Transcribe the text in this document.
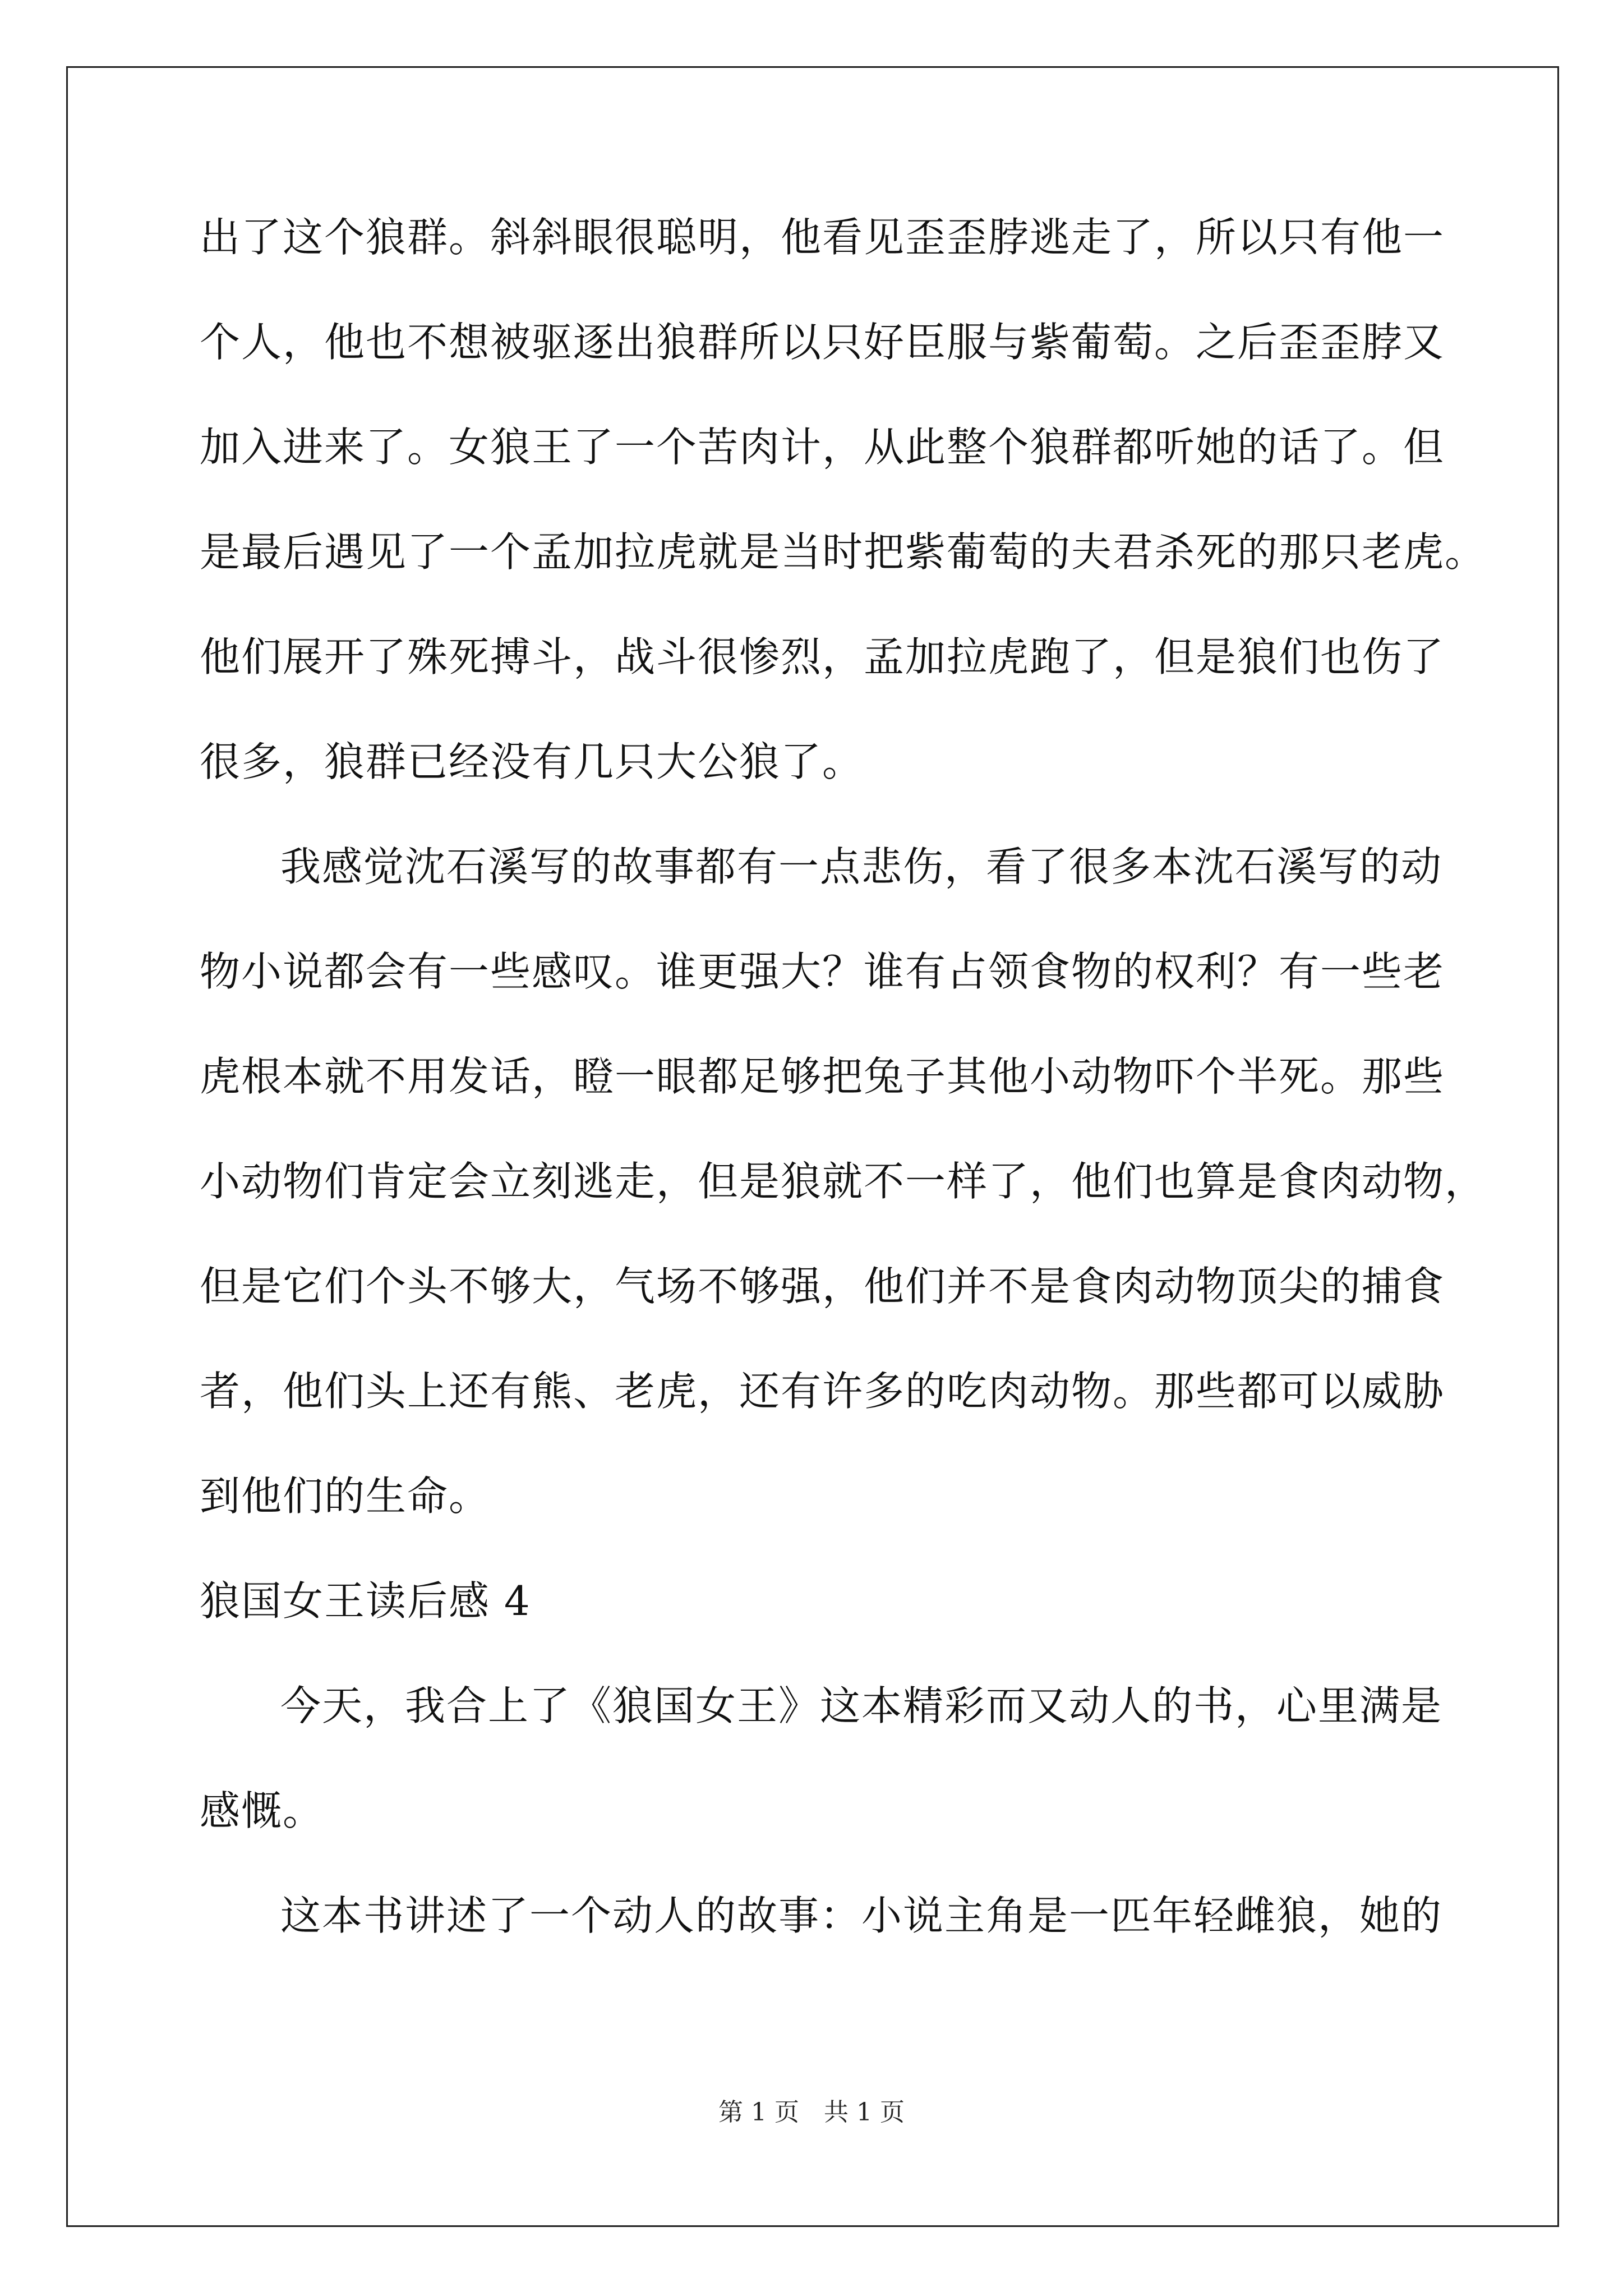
出了这个狼群。斜斜眼很聪明，他看见歪歪脖逃走了，所以只有他一
个人，他也不想被驱逐出狼群所以只好臣服与紫葡萄。之后歪歪脖又
加入进来了。女狼王了一个苦肉计，从此整个狼群都听她的话了。但
是最后遇见了一个孟加拉虎就是当时把紫葡萄的夫君杀死的那只老虎。
他们展开了殊死搏斗，战斗很惨烈，孟加拉虎跑了，但是狼们也伤了
很多，狼群已经没有几只大公狼了。
我感觉沈石溪写的故事都有一点悲伤，看了很多本沈石溪写的动
物小说都会有一些感叹。谁更强大？谁有占领食物的权利？有一些老
虎根本就不用发话，瞪一眼都足够把兔子其他小动物吓个半死。那些
小动物们肯定会立刻逃走，但是狼就不一样了，他们也算是食肉动物，
但是它们个头不够大，气场不够强，他们并不是食肉动物顶尖的捕食
者，他们头上还有熊、老虎，还有许多的吃肉动物。那些都可以威胁
到他们的生命。
狼国女王读后感 4
今天，我合上了《狼国女王》这本精彩而又动人的书，心里满是
感慨。
这本书讲述了一个动人的故事：小说主角是一匹年轻雌狼，她的
第 1 页　共 1 页
